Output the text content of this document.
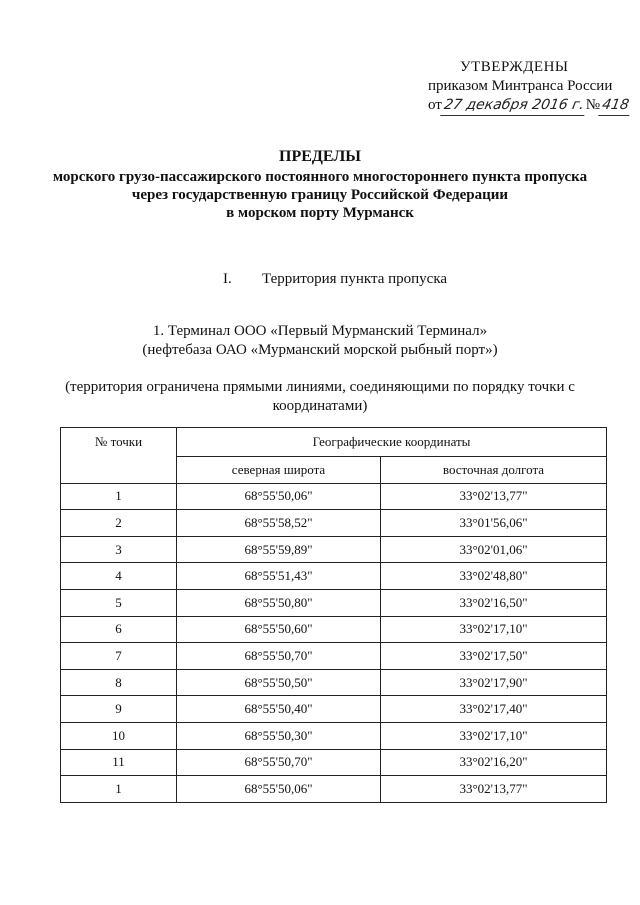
УТВЕРЖДЕНЫ
приказом Минтранса России
от27 декабря 2016 г.№418
ПРЕДЕЛЫ
морского грузо-пассажирского постоянного многостороннего пункта пропуска
через государственную границу Российской Федерации
в морском порту Мурманск
I. Территория пункта пропуска
1. Терминал ООО «Первый Мурманский Терминал»
(нефтебаза ОАО «Мурманский морской рыбный порт»)
(территория ограничена прямыми линиями, соединяющими по порядку точки с
координатами)
№ точки	Географические координаты	
	северная широта	восточная долгота
1	68°55'50,06"	33°02'13,77"
2	68°55'58,52"	33°01'56,06"
3	68°55'59,89"	33°02'01,06"
4	68°55'51,43"	33°02'48,80"
5	68°55'50,80"	33°02'16,50"
6	68°55'50,60"	33°02'17,10"
7	68°55'50,70"	33°02'17,50"
8	68°55'50,50"	33°02'17,90"
9	68°55'50,40"	33°02'17,40"
10	68°55'50,30"	33°02'17,10"
11	68°55'50,70"	33°02'16,20"
1	68°55'50,06"	33°02'13,77"
